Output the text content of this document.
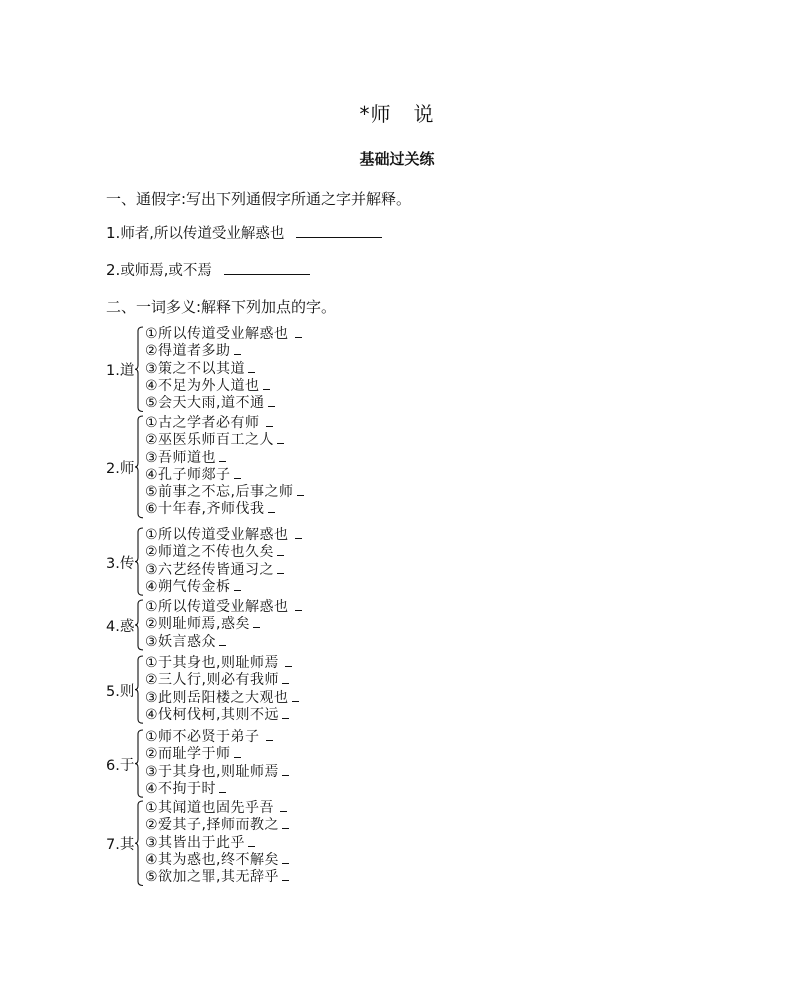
*师 说
基础过关练
一、通假字:写出下列通假字所通之字并解释。
1.师者,所以传道受业解惑也
2.或师焉,或不焉
二、一词多义:解释下列加点的字。
1.道
①所以传道受业解惑也
②得道者多助
③策之不以其道
④不足为外人道也
⑤会天大雨,道不通
2.师
①古之学者必有师
②巫医乐师百工之人
③吾师道也
④孔子师郯子
⑤前事之不忘,后事之师
⑥十年春,齐师伐我
3.传
①所以传道受业解惑也
②师道之不传也久矣
③六艺经传皆通习之
④朔气传金柝
4.惑
①所以传道受业解惑也
②则耻师焉,惑矣
③妖言惑众
5.则
①于其身也,则耻师焉
②三人行,则必有我师
③此则岳阳楼之大观也
④伐柯伐柯,其则不远
6.于
①师不必贤于弟子
②而耻学于师
③于其身也,则耻师焉
④不拘于时
7.其
①其闻道也固先乎吾
②爱其子,择师而教之
③其皆出于此乎
④其为惑也,终不解矣
⑤欲加之罪,其无辞乎
